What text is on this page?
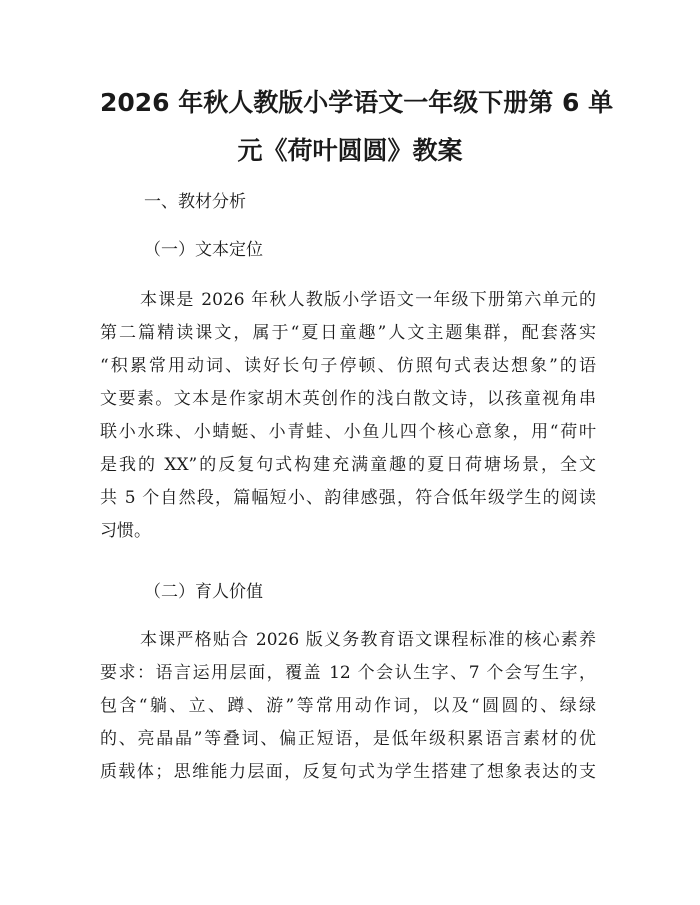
2026 年秋人教版小学语文一年级下册第 6 单
元《荷叶圆圆》教案

一、教材分析

（一）文本定位

本课是 2026 年秋人教版小学语文一年级下册第六单元的
第二篇精读课文，属于“夏日童趣”人文主题集群，配套落实
“积累常用动词、读好长句子停顿、仿照句式表达想象”的语
文要素。文本是作家胡木英创作的浅白散文诗，以孩童视角串
联小水珠、小蜻蜓、小青蛙、小鱼儿四个核心意象，用“荷叶
是我的 XX”的反复句式构建充满童趣的夏日荷塘场景，全文
共 5 个自然段，篇幅短小、韵律感强，符合低年级学生的阅读
习惯。

（二）育人价值

本课严格贴合 2026 版义务教育语文课程标准的核心素养
要求：语言运用层面，覆盖 12 个会认生字、7 个会写生字，
包含“躺、立、蹲、游”等常用动作词，以及“圆圆的、绿绿
的、亮晶晶”等叠词、偏正短语，是低年级积累语言素材的优
质载体；思维能力层面，反复句式为学生搭建了想象表达的支
